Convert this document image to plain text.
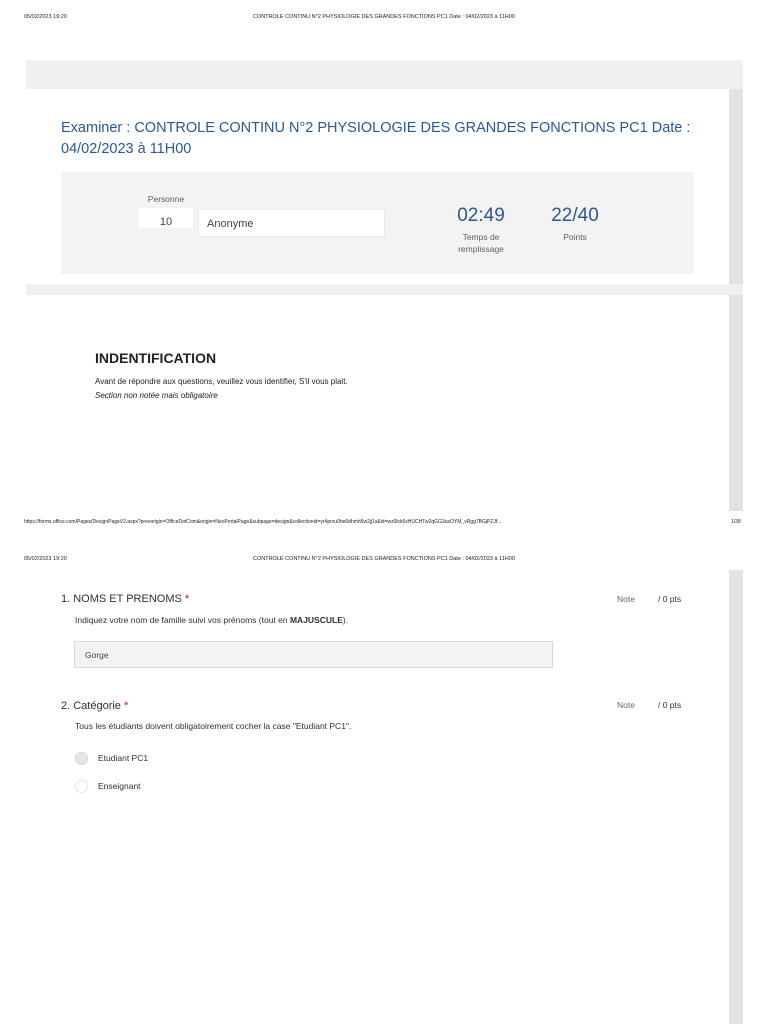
05/02/2023 19:20	CONTROLE CONTINU N°2 PHYSIOLOGIE DES GRANDES FONCTIONS PC1 Date : 04/02/2023 à 11H00
Examiner : CONTROLE CONTINU N°2 PHYSIOLOGIE DES GRANDES FONCTIONS PC1 Date :
04/02/2023 à 11H00
Personne
10	Anonyme	02:49
Temps de
remplissage
22/40
Points
INDENTIFICATION
Avant de répondre aux questions, veuillez vous identifier, S'il vous plait.
Section non notée mais obligatoire
https://forms.office.com/Pages/DesignPageV2.aspx?prevorigin=OfficeDotCom&origin=NeoPortalPage&subpage=design&collectionid=yr4prvu0he6dhmh5w2jj1s&id=wz0lck6xHUCHTw2qGG3usOYM_vRgg7BGjPZJf...	1/38
05/02/2023 19:20	CONTROLE CONTINU N°2 PHYSIOLOGIE DES GRANDES FONCTIONS PC1 Date : 04/02/2023 à 11H00
1. NOMS ET PRENOMS *
Indiquez votre nom de famille suivi vos prénoms (tout en MAJUSCULE).
Note	/ 0 pts
Gorge
2. Catégorie *
Tous les étudiants doivent obligatoirement cocher la case "Etudiant PC1".
Note	/ 0 pts
Etudiant PC1
Enseignant
